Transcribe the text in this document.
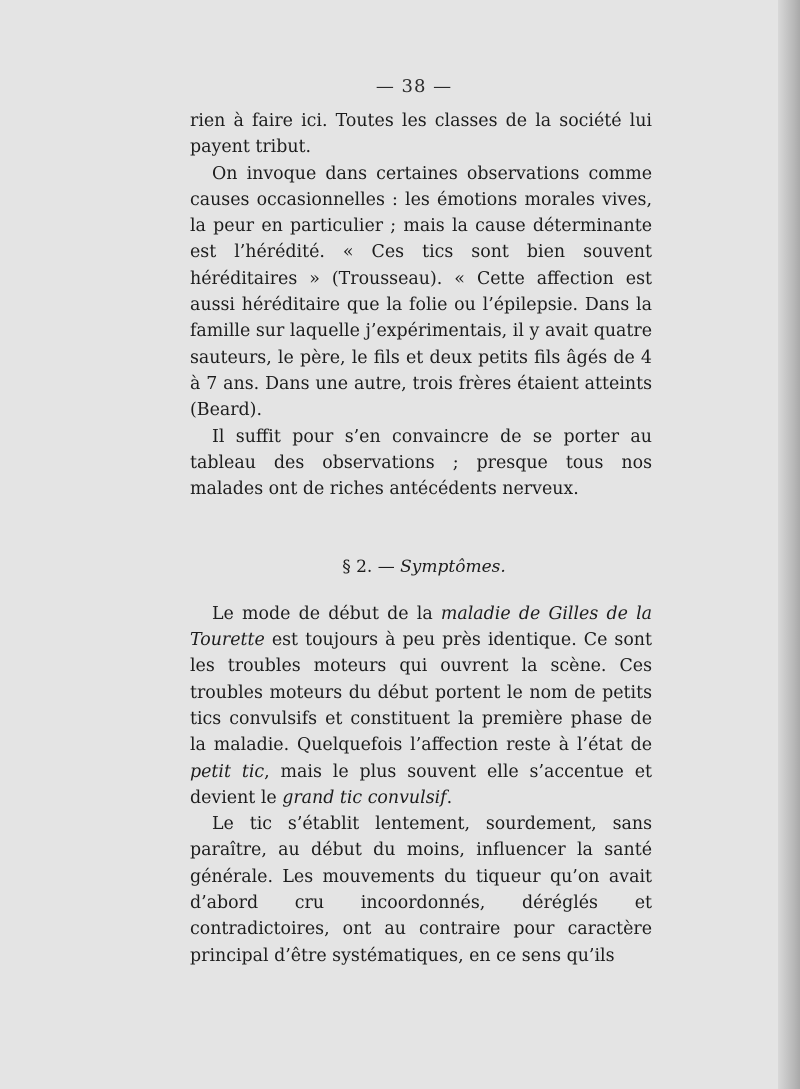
— 38 —

rien à faire ici. Toutes les classes de la société lui payent tribut.

On invoque dans certaines observations comme causes occasionnelles : les émotions morales vives, la peur en particulier ; mais la cause déterminante est l’hérédité. « Ces tics sont bien souvent héréditaires » (Trousseau). « Cette affection est aussi héréditaire que la folie ou l’épilepsie. Dans la famille sur laquelle j’expérimentais, il y avait quatre sauteurs, le père, le fils et deux petits fils âgés de 4 à 7 ans. Dans une autre, trois frères étaient atteints (Beard).

Il suffit pour s’en convaincre de se porter au tableau des observations ; presque tous nos malades ont de riches antécédents nerveux.

§ 2. — Symptômes.

Le mode de début de la maladie de Gilles de la Tourette est toujours à peu près identique. Ce sont les troubles moteurs qui ouvrent la scène. Ces troubles moteurs du début portent le nom de petits tics convulsifs et constituent la première phase de la maladie. Quelquefois l’affection reste à l’état de petit tic, mais le plus souvent elle s’accentue et devient le grand tic convulsif.

Le tic s’établit lentement, sourdement, sans paraître, au début du moins, influencer la santé générale. Les mouvements du tiqueur qu’on avait d’abord cru incoordonnés, déréglés et contradictoires, ont au contraire pour caractère principal d’être systématiques, en ce sens qu’ils
